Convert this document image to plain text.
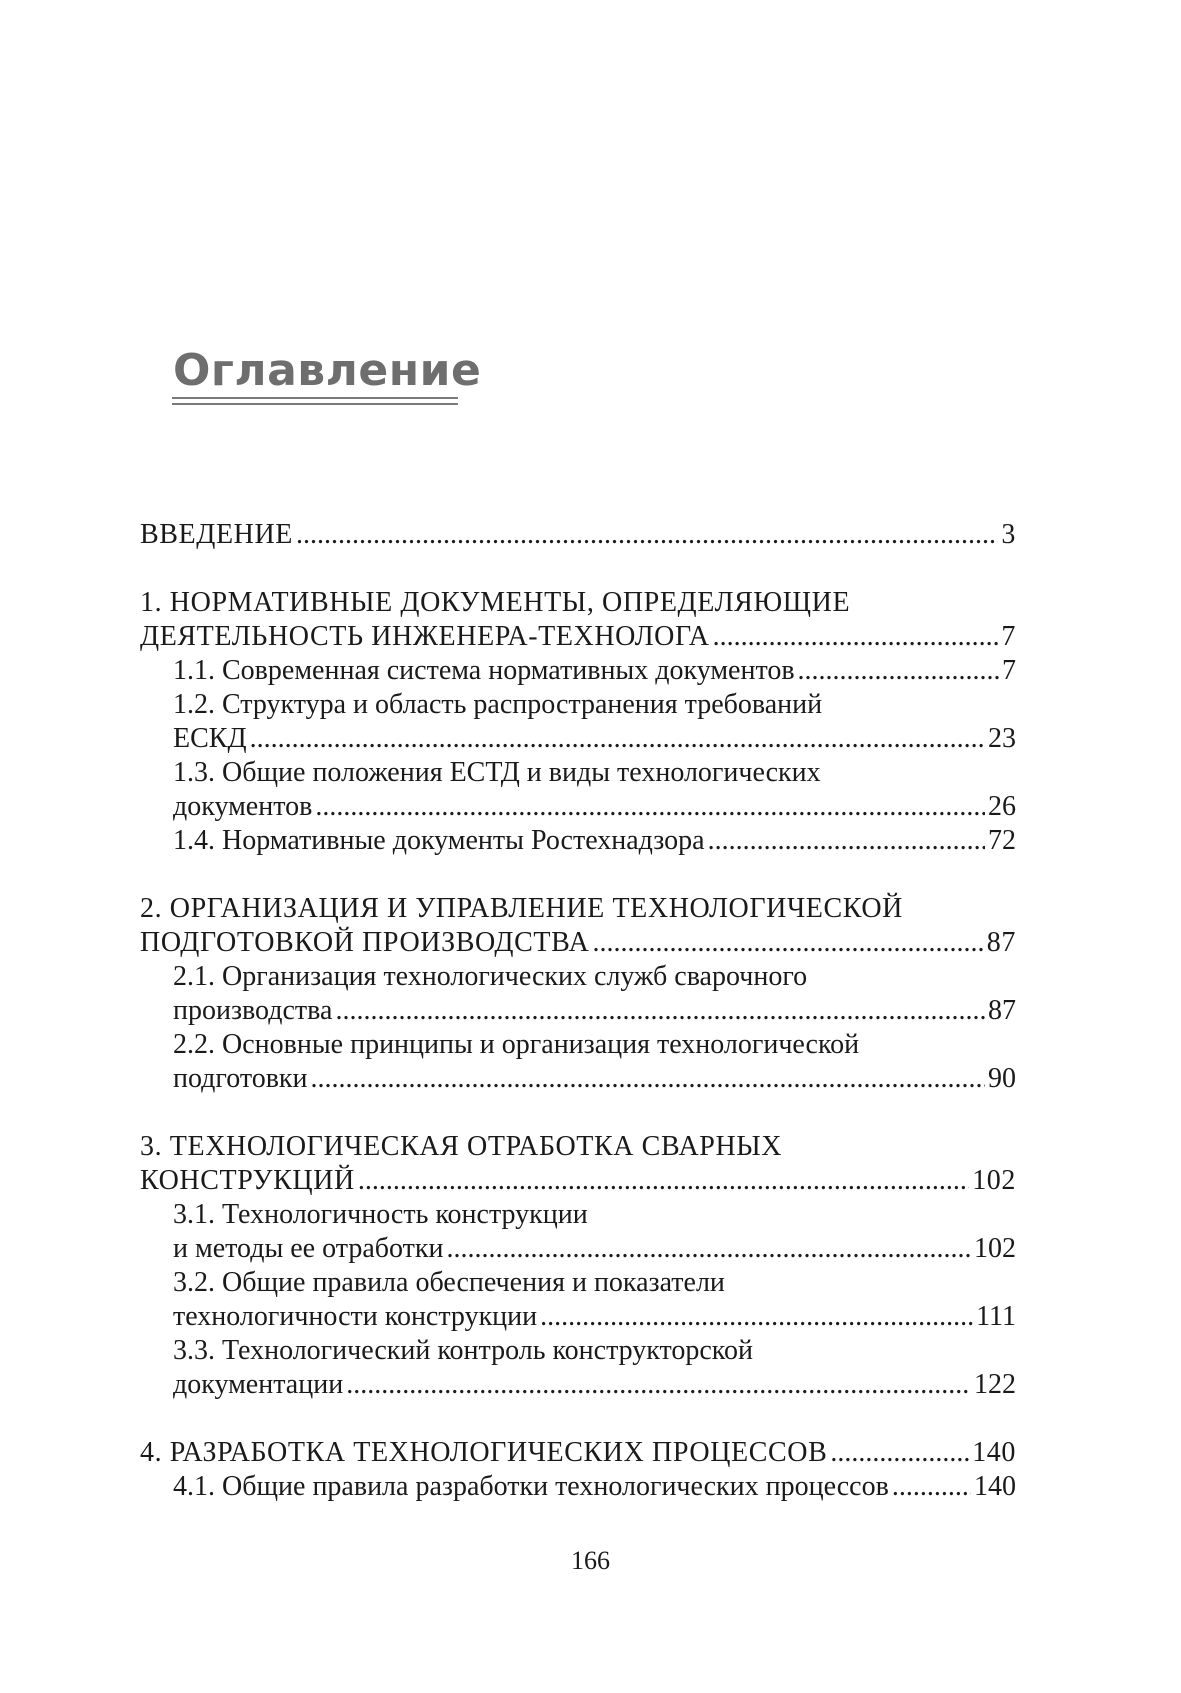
Оглавление
ВВЕДЕНИЕ .....	3
1. НОРМАТИВНЫЕ ДОКУМЕНТЫ, ОПРЕДЕЛЯЮЩИЕ
ДЕЯТЕЛЬНОСТЬ ИНЖЕНЕРА-ТЕХНОЛОГА .....	7
1.1. Современная система нормативных документов .....	7
1.2. Структура и область распространения требований
ЕСКД .....	23
1.3. Общие положения ЕСТД и виды технологических
документов .....	26
1.4. Нормативные документы Ростехнадзора .....	72
2. ОРГАНИЗАЦИЯ И УПРАВЛЕНИЕ ТЕХНОЛОГИЧЕСКОЙ
ПОДГОТОВКОЙ ПРОИЗВОДСТВА .....	87
2.1. Организация технологических служб сварочного
производства .....	87
2.2. Основные принципы и организация технологической
подготовки .....	90
3. ТЕХНОЛОГИЧЕСКАЯ ОТРАБОТКА СВАРНЫХ
КОНСТРУКЦИЙ .....	102
3.1. Технологичность конструкции
и методы ее отработки .....	102
3.2. Общие правила обеспечения и показатели
технологичности конструкции .....	111
3.3. Технологический контроль конструкторской
документации .....	122
4. РАЗРАБОТКА ТЕХНОЛОГИЧЕСКИХ ПРОЦЕССОВ .....	140
4.1. Общие правила разработки технологических процессов .....	140
166
